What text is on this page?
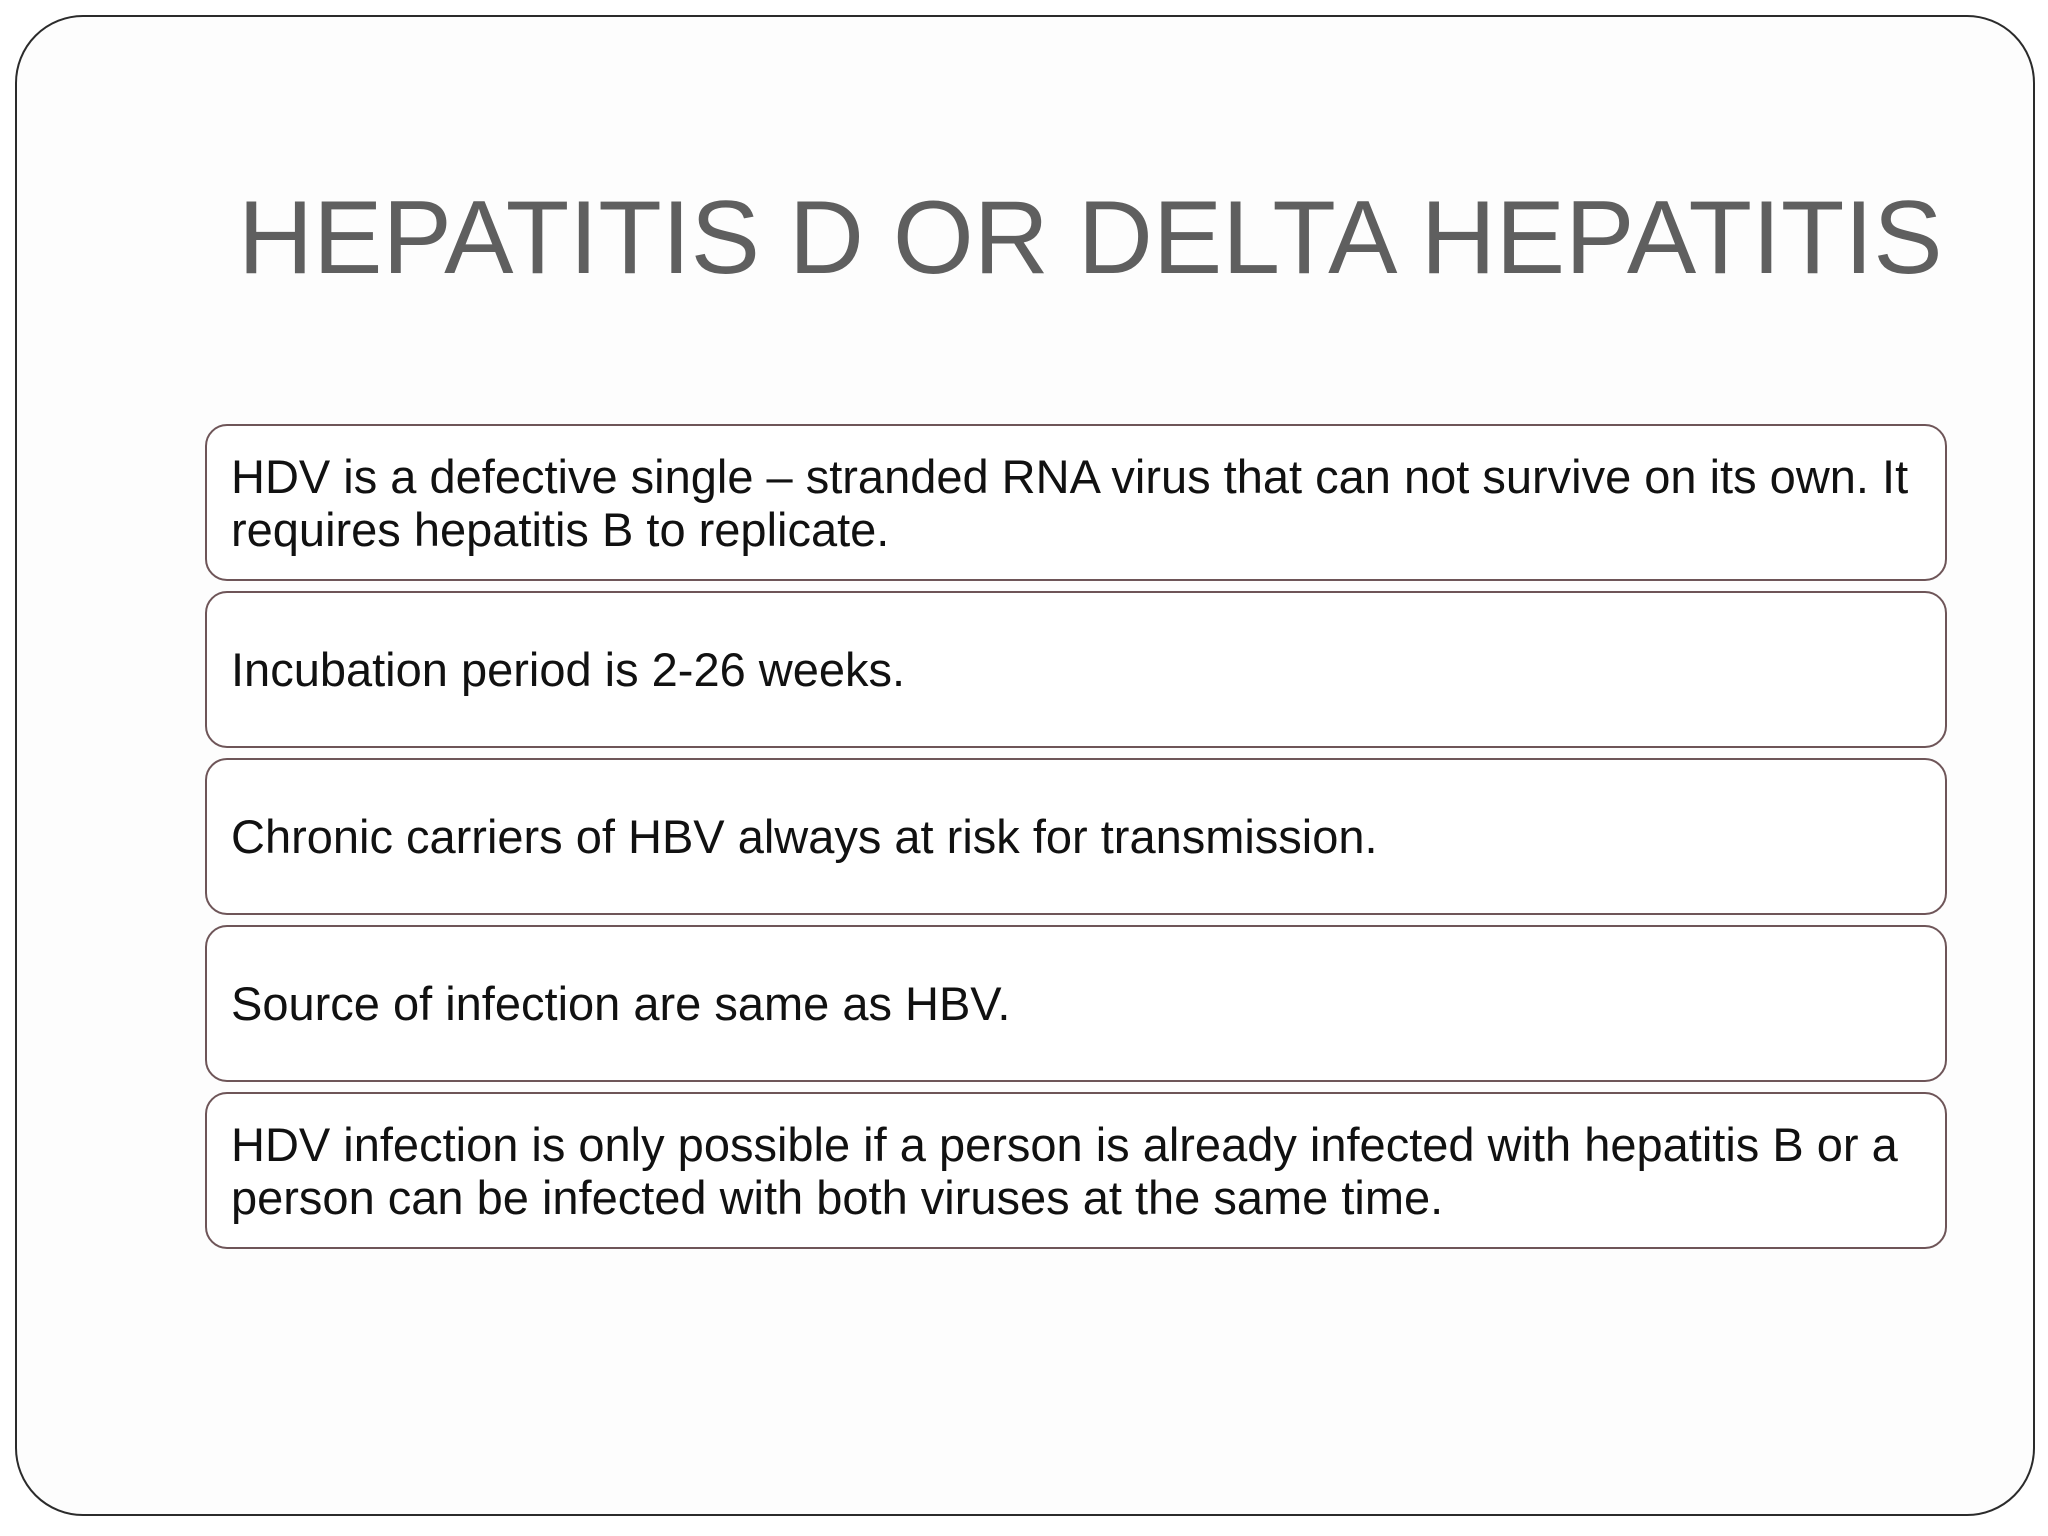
HEPATITIS D OR DELTA HEPATITIS
HDV is a defective single – stranded RNA virus that can not survive on its own. It requires hepatitis B to replicate.
Incubation period is 2-26 weeks.
Chronic carriers of HBV always at risk for transmission.
Source of infection are same as HBV.
HDV infection is only possible if a person is already infected with hepatitis B or a person can be infected with both viruses at the same time.
